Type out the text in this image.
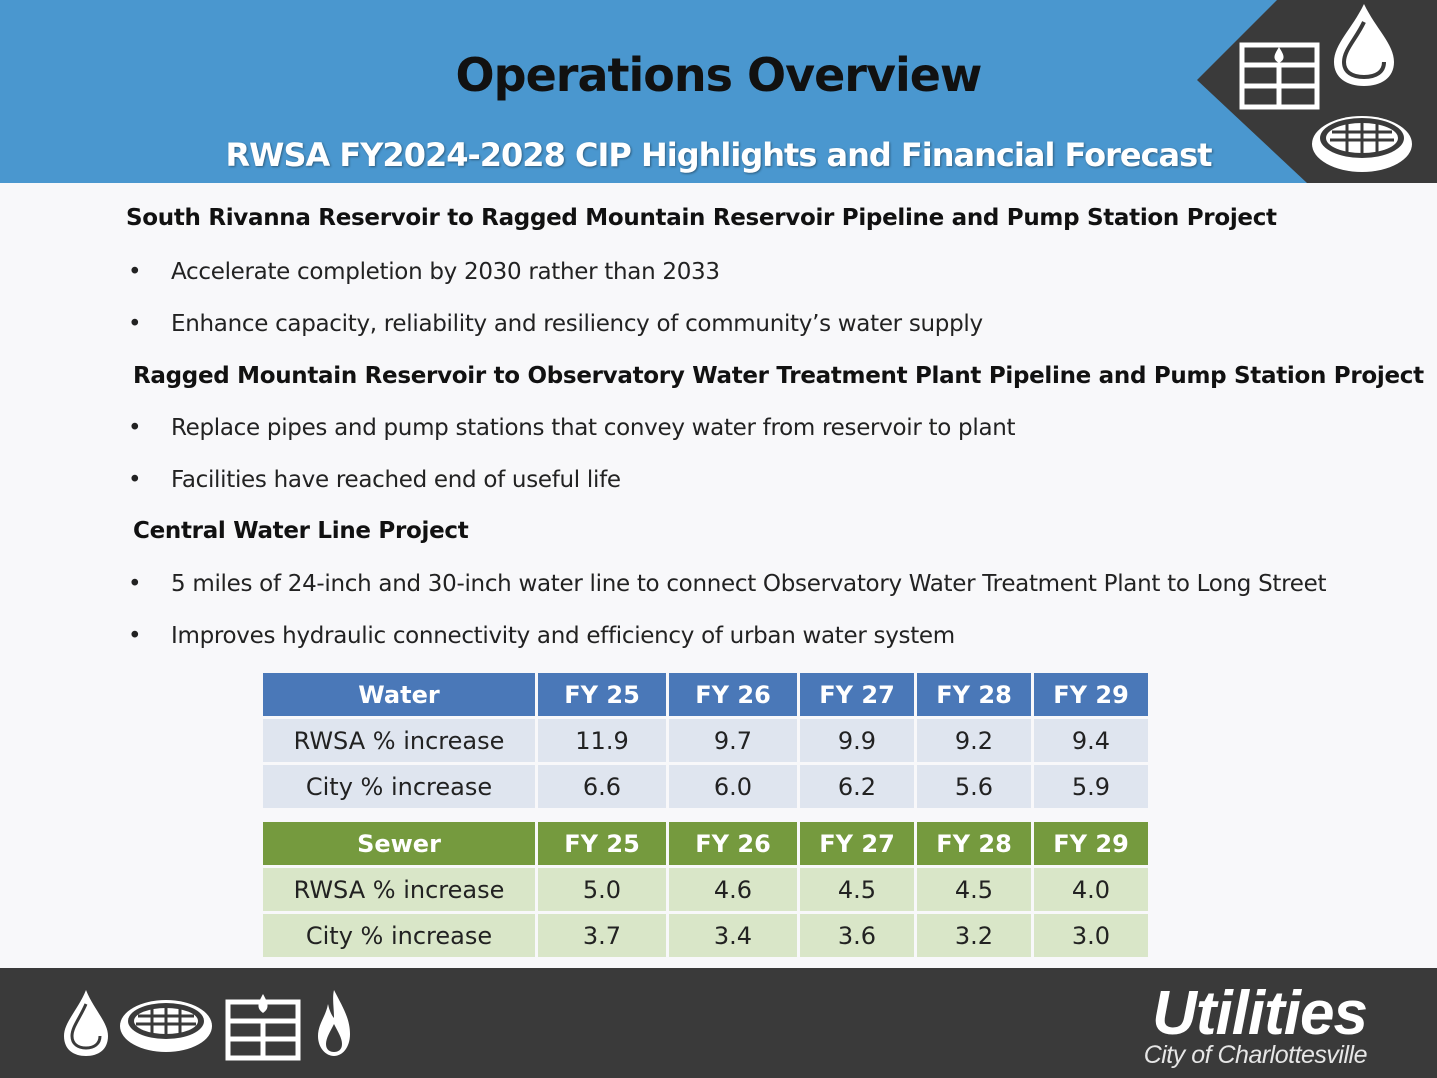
Operations Overview
RWSA FY2024-2028 CIP Highlights and Financial Forecast
South Rivanna Reservoir to Ragged Mountain Reservoir Pipeline and Pump Station Project
• Accelerate completion by 2030 rather than 2033
• Enhance capacity, reliability and resiliency of community’s water supply
Ragged Mountain Reservoir to Observatory Water Treatment Plant Pipeline and Pump Station Project
• Replace pipes and pump stations that convey water from reservoir to plant
• Facilities have reached end of useful life
Central Water Line Project
• 5 miles of 24-inch and 30-inch water line to connect Observatory Water Treatment Plant to Long Street
• Improves hydraulic connectivity and efficiency of urban water system
Water	FY 25	FY 26	FY 27	FY 28	FY 29
RWSA % increase	11.9	9.7	9.9	9.2	9.4
City % increase	6.6	6.0	6.2	5.6	5.9
Sewer	FY 25	FY 26	FY 27	FY 28	FY 29
RWSA % increase	5.0	4.6	4.5	4.5	4.0
City % increase	3.7	3.4	3.6	3.2	3.0
Utilities
City of Charlottesville
